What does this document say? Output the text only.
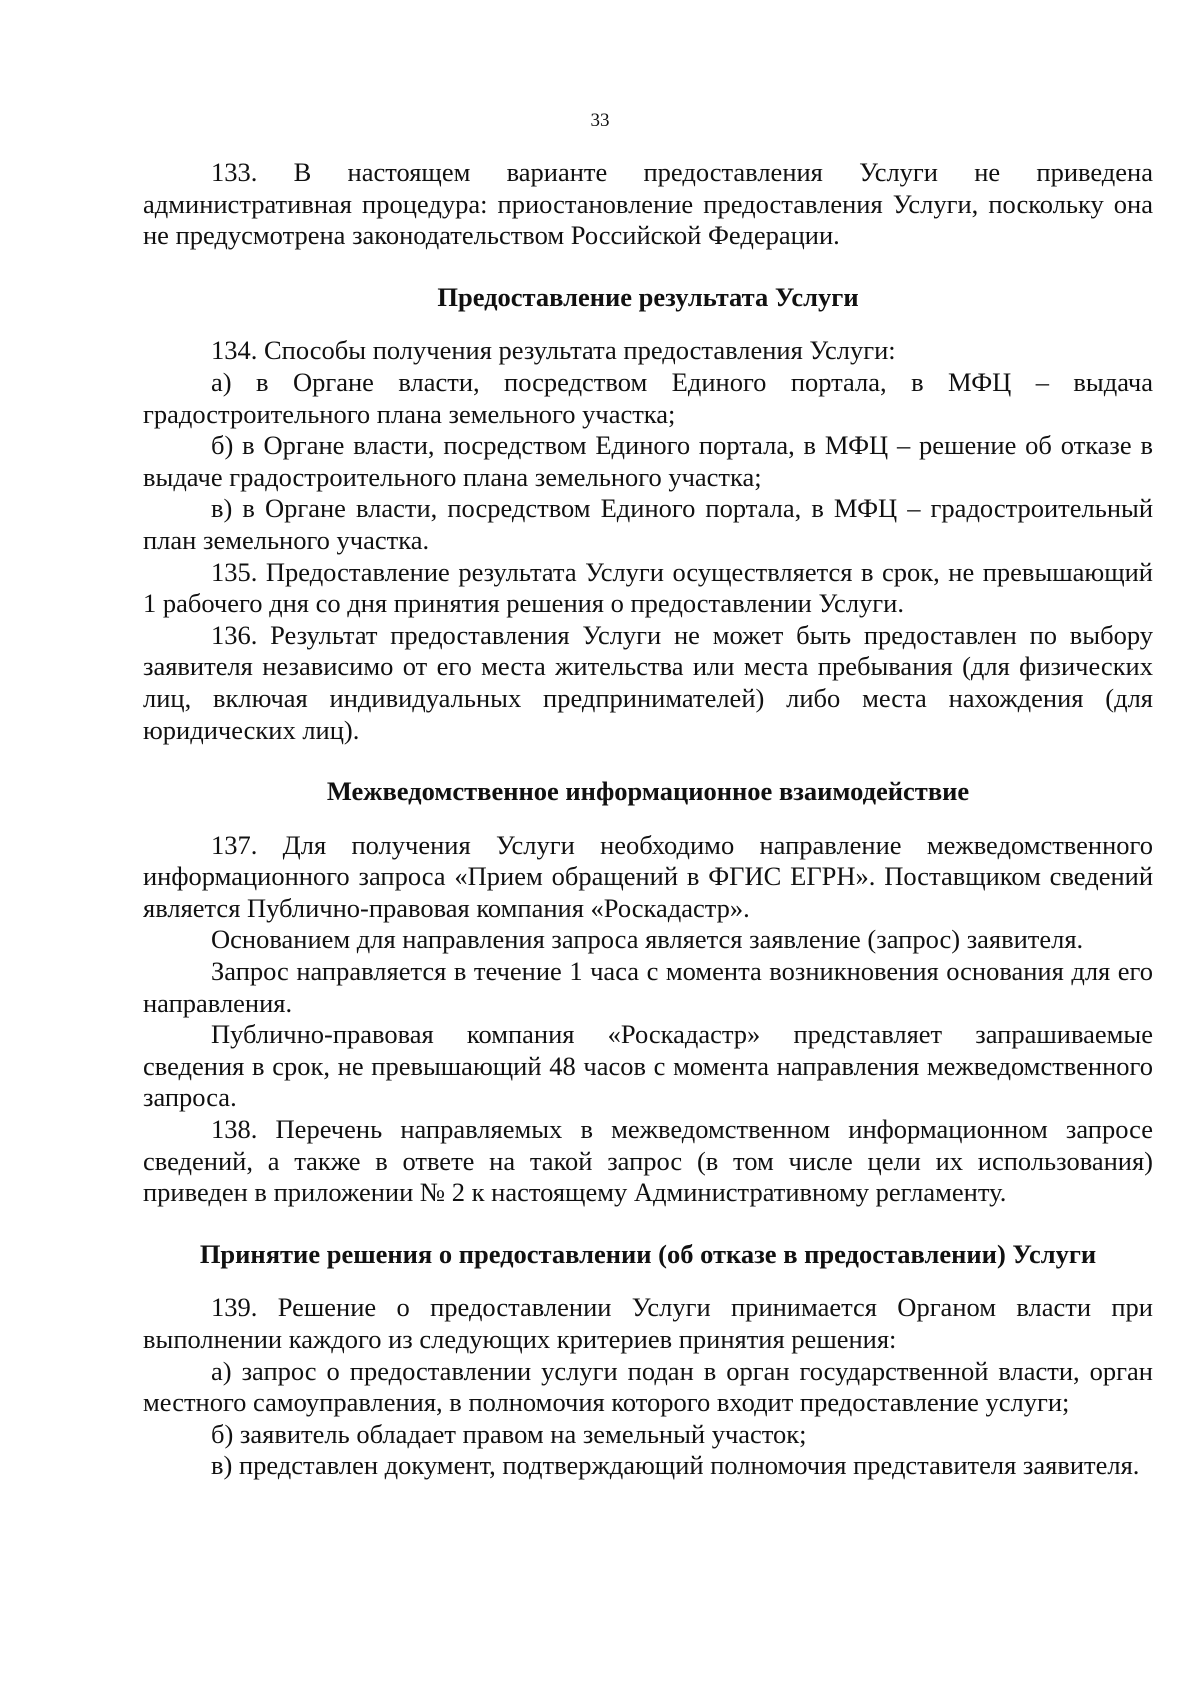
33

133. В настоящем варианте предоставления Услуги не приведена административная процедура: приостановление предоставления Услуги, поскольку она не предусмотрена законодательством Российской Федерации.

Предоставление результата Услуги

134. Способы получения результата предоставления Услуги:

а) в Органе власти, посредством Единого портала, в МФЦ – выдача градостроительного плана земельного участка;

б) в Органе власти, посредством Единого портала, в МФЦ – решение об отказе в выдаче градостроительного плана земельного участка;

в) в Органе власти, посредством Единого портала, в МФЦ – градостроительный план земельного участка.

135. Предоставление результата Услуги осуществляется в срок, не превышающий 1 рабочего дня со дня принятия решения о предоставлении Услуги.

136. Результат предоставления Услуги не может быть предоставлен по выбору заявителя независимо от его места жительства или места пребывания (для физических лиц, включая индивидуальных предпринимателей) либо места нахождения (для юридических лиц).

Межведомственное информационное взаимодействие

137. Для получения Услуги необходимо направление межведомственного информационного запроса «Прием обращений в ФГИС ЕГРН». Поставщиком сведений является Публично-правовая компания «Роскадастр».

Основанием для направления запроса является заявление (запрос) заявителя.

Запрос направляется в течение 1 часа с момента возникновения основания для его направления.

Публично-правовая компания «Роскадастр» представляет запрашиваемые сведения в срок, не превышающий 48 часов с момента направления межведомственного запроса.

138. Перечень направляемых в межведомственном информационном запросе сведений, а также в ответе на такой запрос (в том числе цели их использования) приведен в приложении № 2 к настоящему Административному регламенту.

Принятие решения о предоставлении (об отказе в предоставлении) Услуги

139. Решение о предоставлении Услуги принимается Органом власти при выполнении каждого из следующих критериев принятия решения:

а) запрос о предоставлении услуги подан в орган государственной власти, орган местного самоуправления, в полномочия которого входит предоставление услуги;

б) заявитель обладает правом на земельный участок;

в) представлен документ, подтверждающий полномочия представителя заявителя.
